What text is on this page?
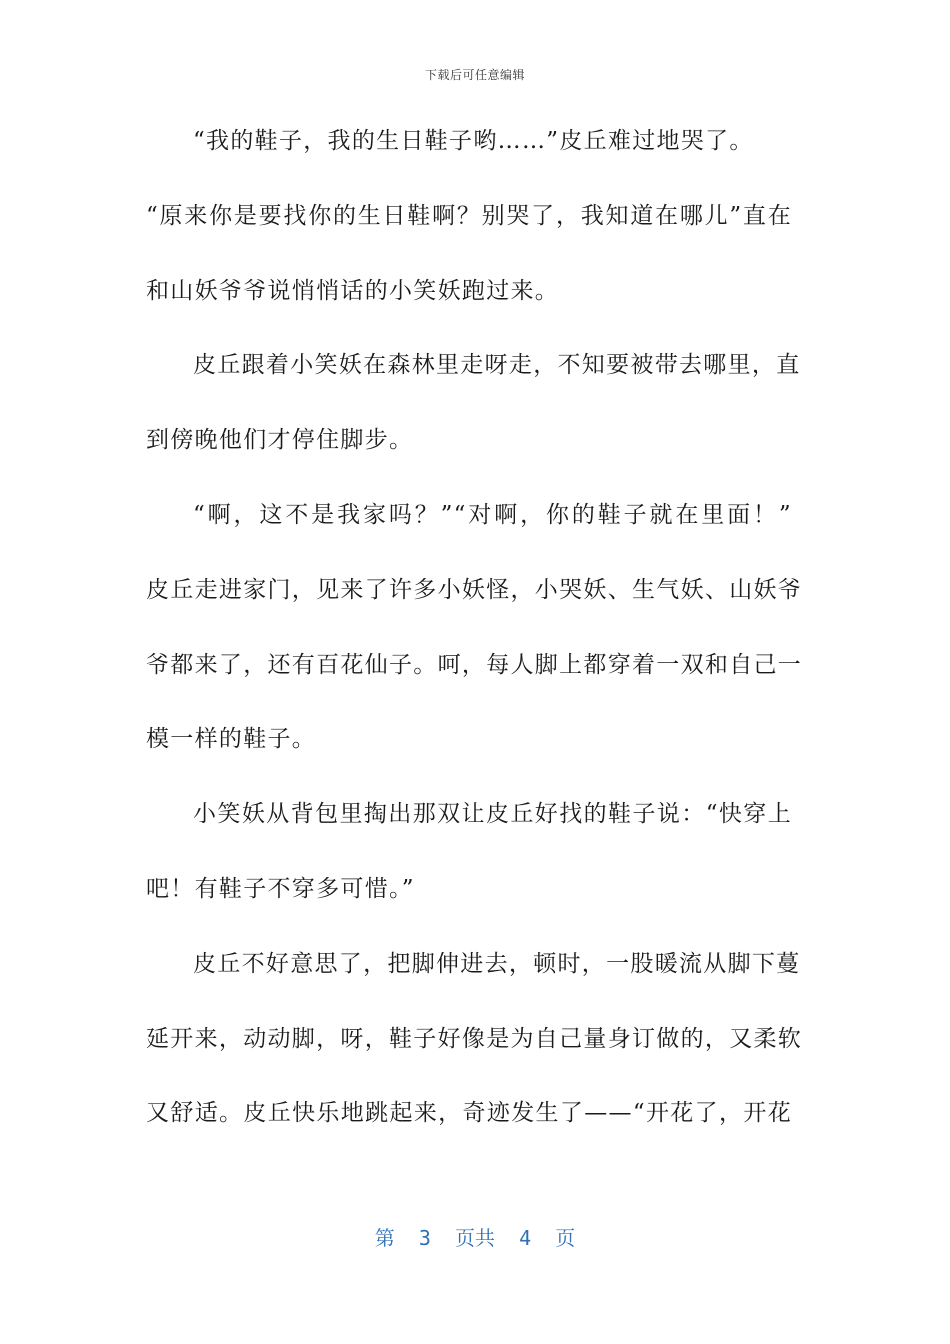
下载后可任意编辑
“我的鞋子，我的生日鞋子哟……”皮丘难过地哭了。
“原来你是要找你的生日鞋啊？别哭了，我知道在哪儿”直在
和山妖爷爷说悄悄话的小笑妖跑过来。
皮丘跟着小笑妖在森林里走呀走，不知要被带去哪里，直
到傍晚他们才停住脚步。
“啊，这不是我家吗？”“对啊，你的鞋子就在里面！”
皮丘走进家门，见来了许多小妖怪，小哭妖、生气妖、山妖爷
爷都来了，还有百花仙子。呵，每人脚上都穿着一双和自己一
模一样的鞋子。
小笑妖从背包里掏出那双让皮丘好找的鞋子说：“快穿上
吧！有鞋子不穿多可惜。”
皮丘不好意思了，把脚伸进去，顿时，一股暖流从脚下蔓
延开来，动动脚，呀，鞋子好像是为自己量身订做的，又柔软
又舒适。皮丘快乐地跳起来，奇迹发生了——“开花了，开花
第  3  页共  4  页
